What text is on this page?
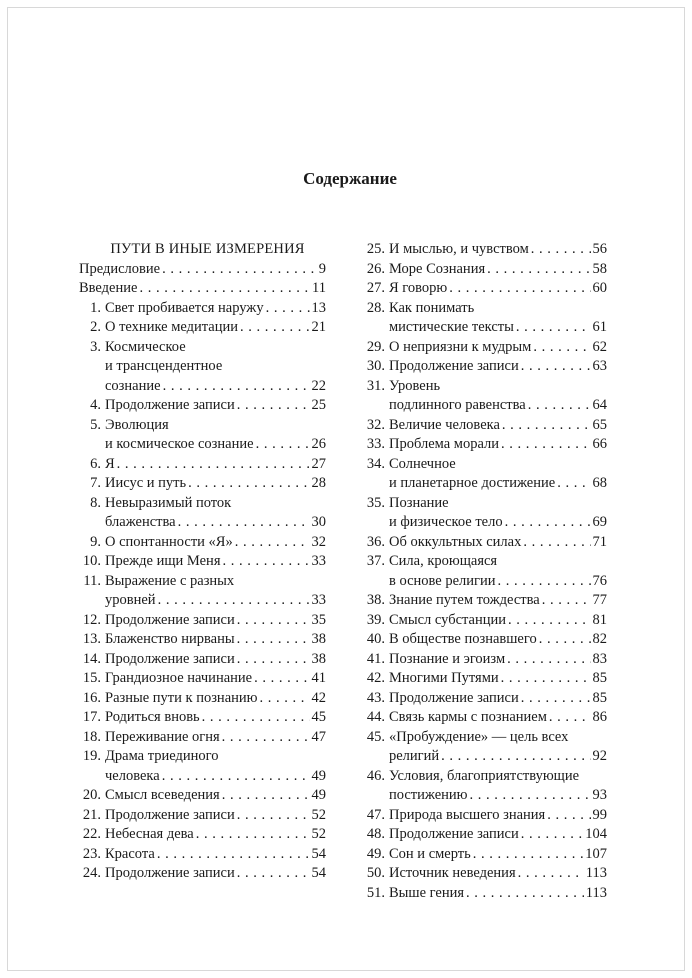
Содержание
ПУТИ В ИНЫЕ ИЗМЕРЕНИЯ
Предисловие . . .	9
Введение . . .	11
1. Свет пробивается наружу . . .	13
2. О технике медитации . . .	21
3. Космическое
и трансцендентное
сознание . . .	22
4. Продолжение записи . . .	25
5. Эволюция
и космическое сознание . . .	26
6. Я . . .	27
7. Иисус и путь . . .	28
8. Невыразимый поток
блаженства . . .	30
9. О спонтанности «Я» . . .	32
10. Прежде ищи Меня . . .	33
11. Выражение с разных
уровней . . .	33
12. Продолжение записи . . .	35
13. Блаженство нирваны . . .	38
14. Продолжение записи . . .	38
15. Грандиозное начинание . . .	41
16. Разные пути к познанию . . .	42
17. Родиться вновь . . .	45
18. Переживание огня . . .	47
19. Драма триединого
человека . . .	49
20. Смысл всеведения . . .	49
21. Продолжение записи . . .	52
22. Небесная дева . . .	52
23. Красота . . .	54
24. Продолжение записи . . .	54
25. И мыслью, и чувством . . .	56
26. Море Сознания . . .	58
27. Я говорю . . .	60
28. Как понимать
мистические тексты . . .	61
29. О неприязни к мудрым . . .	62
30. Продолжение записи . . .	63
31. Уровень
подлинного равенства . . .	64
32. Величие человека . . .	65
33. Проблема морали . . .	66
34. Солнечное
и планетарное достижение . . .	68
35. Познание
и физическое тело . . .	69
36. Об оккультных силах . . .	71
37. Сила, кроющаяся
в основе религии . . .	76
38. Знание путем тождества . . .	77
39. Смысл субстанции . . .	81
40. В обществе познавшего . . .	82
41. Познание и эгоизм . . .	83
42. Многими Путями . . .	85
43. Продолжение записи . . .	85
44. Связь кармы с познанием . . .	86
45. «Пробуждение» — цель всех
религий . . .	92
46. Условия, благоприятствующие
постижению . . .	93
47. Природа высшего знания . . .	99
48. Продолжение записи . . .	104
49. Сон и смерть . . .	107
50. Источник неведения . . .	113
51. Выше гения . . .	113
